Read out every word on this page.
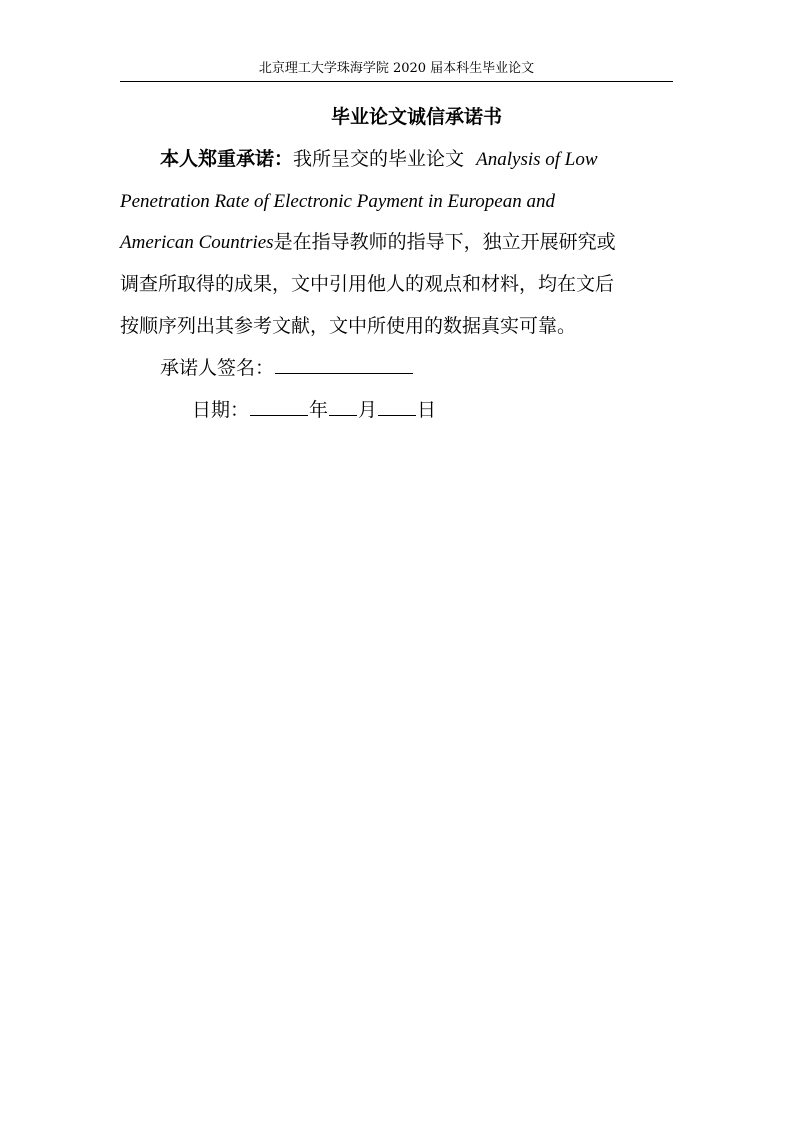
北京理工大学珠海学院 2020 届本科生毕业论文
毕业论文诚信承诺书
本人郑重承诺：我所呈交的毕业论文 Analysis of Low
Penetration Rate of Electronic Payment in European and
American Countries是在指导教师的指导下，独立开展研究或
调查所取得的成果，文中引用他人的观点和材料，均在文后
按顺序列出其参考文献，文中所使用的数据真实可靠。
承诺人签名：
日期：	年 月 日
